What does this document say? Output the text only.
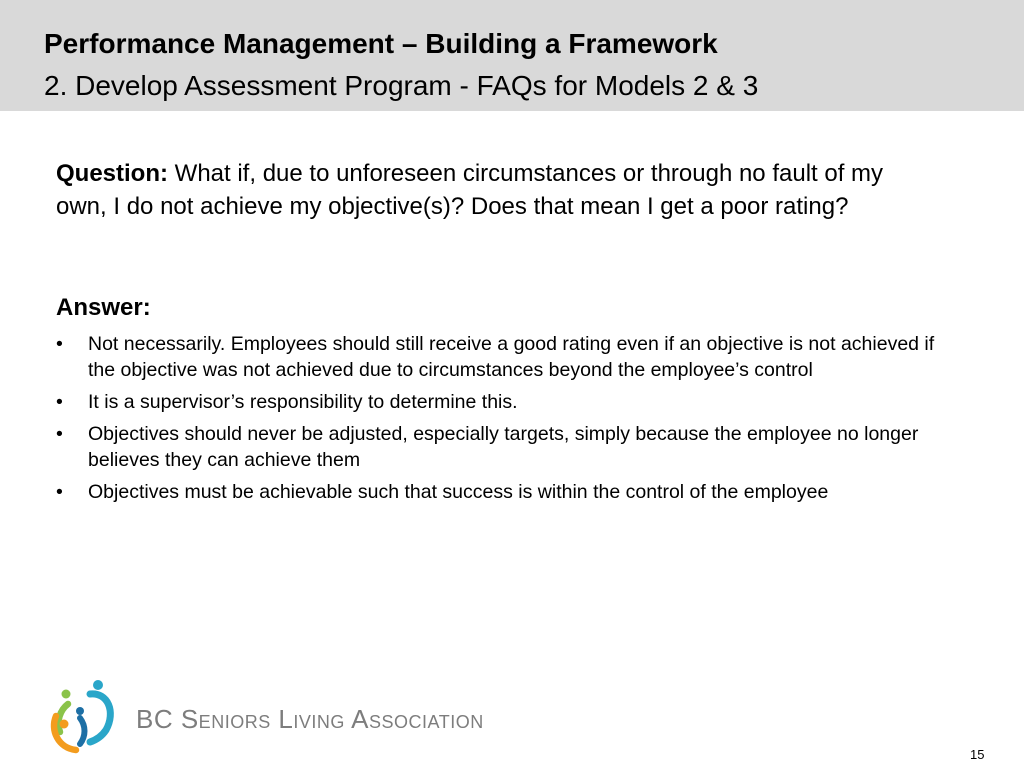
Performance Management – Building a Framework
2. Develop Assessment Program - FAQs for Models 2 & 3
Question: What if, due to unforeseen circumstances or through no fault of my own, I do not achieve my objective(s)? Does that mean I get a poor rating?
Answer:
•	Not necessarily. Employees should still receive a good rating even if an objective is not achieved if the objective was not achieved due to circumstances beyond the employee’s control
•	It is a supervisor’s responsibility to determine this.
•	Objectives should never be adjusted, especially targets, simply because the employee no longer believes they can achieve them
•	Objectives must be achievable such that success is within the control of the employee
BC Seniors Living Association
15
